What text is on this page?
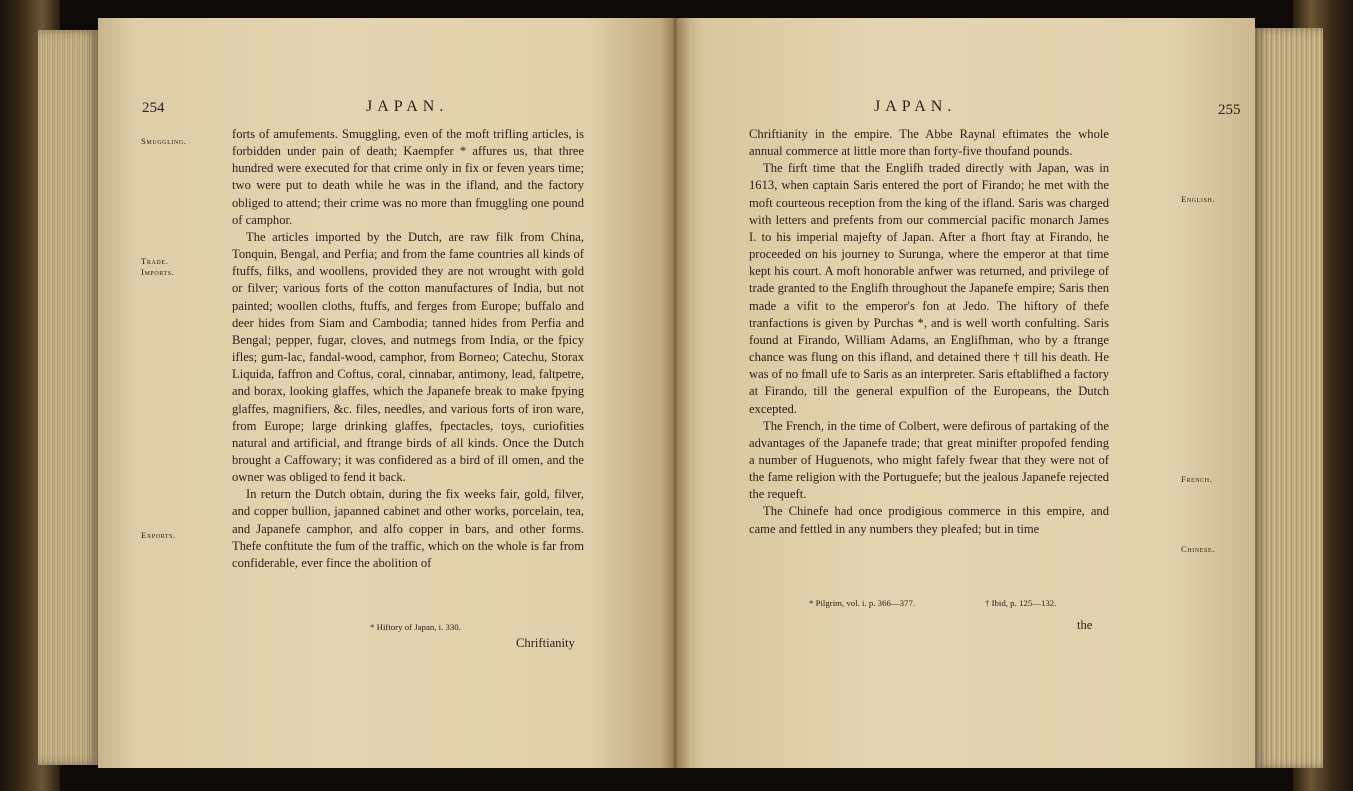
254	JAPAN.
Smuggling.
Trade.
Imports.
Exports.

forts of amufements. Smuggling, even of the moft trifling articles, is forbidden under pain of death; Kaempfer * affures us, that three hundred were executed for that crime only in fix or feven years time; two were put to death while he was in the ifland, and the factory obliged to attend; their crime was no more than fmuggling one pound of camphor.

The articles imported by the Dutch, are raw filk from China, Tonquin, Bengal, and Perfia; and from the fame countries all kinds of ftuffs, filks, and woollens, provided they are not wrought with gold or filver; various forts of the cotton manufactures of India, but not painted; woollen cloths, ftuffs, and ferges from Europe; buffalo and deer hides from Siam and Cambodia; tanned hides from Perfia and Bengal; pepper, fugar, cloves, and nutmegs from India, or the fpicy ifles; gum-lac, fandal-wood, camphor, from Borneo; Catechu, Storax Liquida, faffron and Coftus, coral, cinnabar, antimony, lead, faltpetre, and borax, looking glaffes, which the Japanefe break to make fpying glaffes, magnifiers, &c. files, needles, and various forts of iron ware, from Europe; large drinking glaffes, fpectacles, toys, curiofities natural and artificial, and ftrange birds of all kinds. Once the Dutch brought a Caffowary; it was confidered as a bird of ill omen, and the owner was obliged to fend it back.

In return the Dutch obtain, during the fix weeks fair, gold, filver, and copper bullion, japanned cabinet and other works, porcelain, tea, and Japanefe camphor, and alfo copper in bars, and other forms. Thefe conftitute the fum of the traffic, which on the whole is far from confiderable, ever fince the abolition of

* Hiftory of Japan, i. 330.
Chriftianity
JAPAN.	255

Chriftianity in the empire. The Abbe Raynal eftimates the whole annual commerce at little more than forty-five thoufand pounds.

The firft time that the Englifh traded directly with Japan, was in 1613, when captain Saris entered the port of Firando; he met with the moft courteous reception from the king of the ifland. Saris was charged with letters and prefents from our commercial pacific monarch James I. to his imperial majefty of Japan. After a fhort ftay at Firando, he proceeded on his journey to Surunga, where the emperor at that time kept his court. A moft honorable anfwer was returned, and privilege of trade granted to the Englifh throughout the Japanefe empire; Saris then made a vifit to the emperor's fon at Jedo. The hiftory of thefe tranfactions is given by Purchas *, and is well worth confulting. Saris found at Firando, William Adams, an Englifhman, who by a ftrange chance was flung on this ifland, and detained there † till his death. He was of no fmall ufe to Saris as an interpreter. Saris eftablifhed a factory at Firando, till the general expulfion of the Europeans, the Dutch excepted.

The French, in the time of Colbert, were defirous of partaking of the advantages of the Japanefe trade; that great minifter propofed fending a number of Huguenots, who might fafely fwear that they were not of the fame religion with the Portuguefe; but the jealous Japanefe rejected the requeft.

The Chinefe had once prodigious commerce in this empire, and came and fettled in any numbers they pleafed; but in time

English.
French.
Chinese.
* Pilgrim, vol. i. p. 366—377.	† Ibid, p. 125—132.
the
